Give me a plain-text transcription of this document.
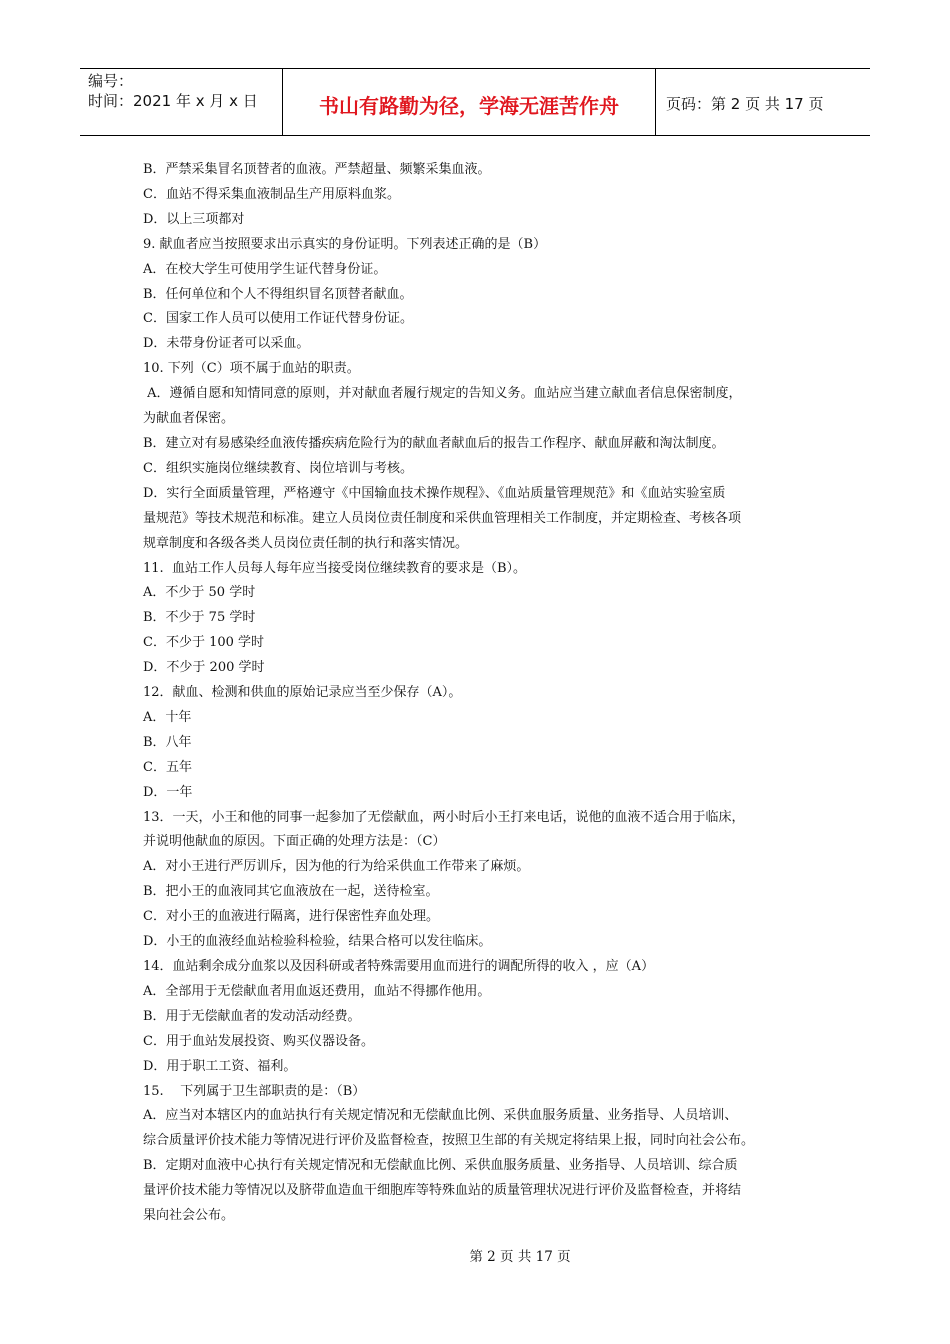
编号：
时间：2021 年 x 月 x 日	书山有路勤为径，学海无涯苦作舟	页码：第 2 页 共 17 页
B．严禁采集冒名顶替者的血液。严禁超量、频繁采集血液。
C．血站不得采集血液制品生产用原料血浆。
D．以上三项都对
9. 献血者应当按照要求出示真实的身份证明。下列表述正确的是（B）
A．在校大学生可使用学生证代替身份证。
B．任何单位和个人不得组织冒名顶替者献血。
C．国家工作人员可以使用工作证代替身份证。
D．未带身份证者可以采血。
10. 下列（C）项不属于血站的职责。
A．遵循自愿和知情同意的原则，并对献血者履行规定的告知义务。血站应当建立献血者信息保密制度，
为献血者保密。
B．建立对有易感染经血液传播疾病危险行为的献血者献血后的报告工作程序、献血屏蔽和淘汰制度。
C．组织实施岗位继续教育、岗位培训与考核。
D．实行全面质量管理，严格遵守《中国输血技术操作规程》、《血站质量管理规范》和《血站实验室质
量规范》等技术规范和标准。建立人员岗位责任制度和采供血管理相关工作制度，并定期检查、考核各项
规章制度和各级各类人员岗位责任制的执行和落实情况。
11.  血站工作人员每人每年应当接受岗位继续教育的要求是（B）。
A．不少于 50 学时
B．不少于 75 学时
C．不少于 100 学时
D．不少于 200 学时
12．献血、检测和供血的原始记录应当至少保存（A）。
A．十年
B．八年
C．五年
D．一年
13．一天，小王和他的同事一起参加了无偿献血，两小时后小王打来电话，说他的血液不适合用于临床，
并说明他献血的原因。下面正确的处理方法是：（C）
A．对小王进行严厉训斥，因为他的行为给采供血工作带来了麻烦。
B．把小王的血液同其它血液放在一起，送待检室。
C．对小王的血液进行隔离，进行保密性弃血处理。
D．小王的血液经血站检验科检验，结果合格可以发往临床。
14．血站剩余成分血浆以及因科研或者特殊需要用血而进行的调配所得的收入 ，应（A）
A．全部用于无偿献血者用血返还费用，血站不得挪作他用。
B．用于无偿献血者的发动活动经费。
C．用于血站发展投资、购买仪器设备。
D．用于职工工资、福利。
15.    下列属于卫生部职责的是：（B）
A．应当对本辖区内的血站执行有关规定情况和无偿献血比例、采供血服务质量、业务指导、人员培训、
综合质量评价技术能力等情况进行评价及监督检查，按照卫生部的有关规定将结果上报，同时向社会公布。
B．定期对血液中心执行有关规定情况和无偿献血比例、采供血服务质量、业务指导、人员培训、综合质
量评价技术能力等情况以及脐带血造血干细胞库等特殊血站的质量管理状况进行评价及监督检查，并将结
果向社会公布。
第 2 页 共 17 页
